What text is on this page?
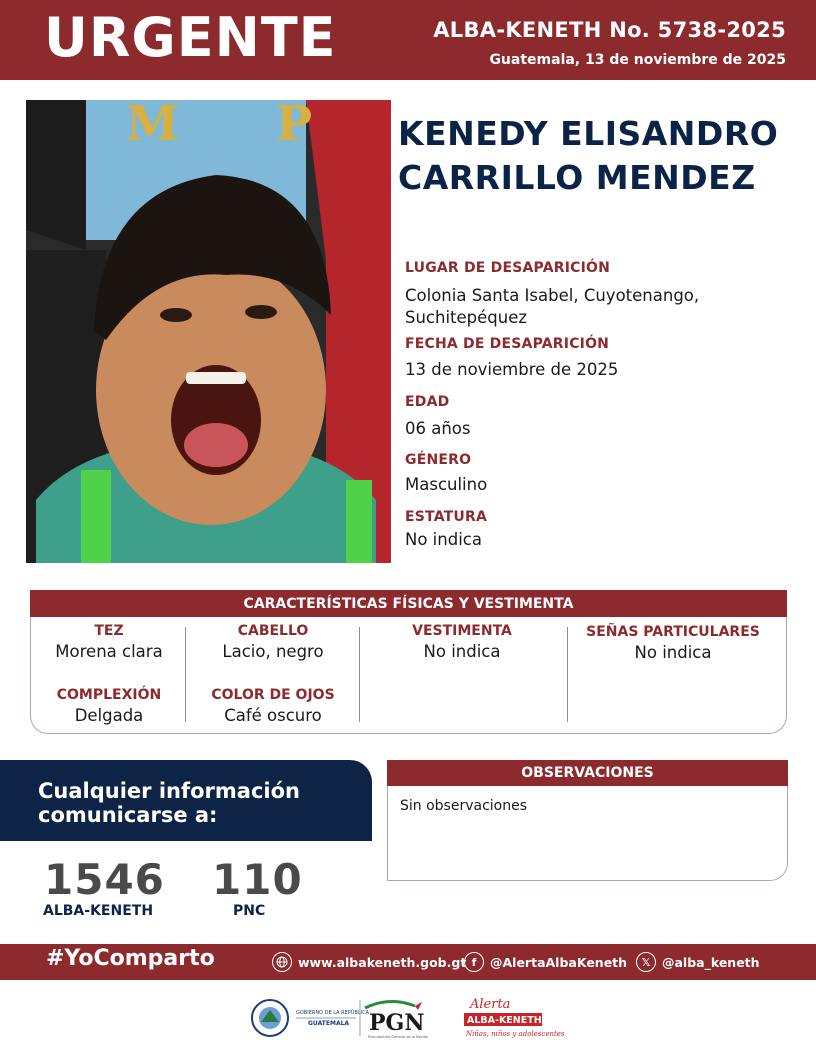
URGENTE	ALBA-KENETH No. 5738-2025
Guatemala, 13 de noviembre de 2025
M P	KENEDY ELISANDRO
CARRILLO MENDEZ
LUGAR DE DESAPARICIÓN
Colonia Santa Isabel, Cuyotenango,
Suchitepéquez
FECHA DE DESAPARICIÓN
13 de noviembre de 2025
EDAD
06 años
GÉNERO
Masculino
ESTATURA
No indica
CARACTERÍSTICAS FÍSICAS Y VESTIMENTA
TEZ
Morena clara
COMPLEXIÓN
Delgada
CABELLO
Lacio, negro
COLOR DE OJOS
Café oscuro
VESTIMENTA
No indica
SEÑAS PARTICULARES
No indica
Cualquier información
comunicarse a:
1546
ALBA-KENETH
110
PNC
OBSERVACIONES
Sin observaciones
#YoComparto	www.albakeneth.gob.gt f	@AlertaAlbaKeneth	𝕏 @alba_keneth
GOBIERNO DE LA REPÚBLICA
GUATEMALA PGN
Procuraduría General de la Nación
Alerta
ALBA-KENETH
Niñas, niños y adolescentes
